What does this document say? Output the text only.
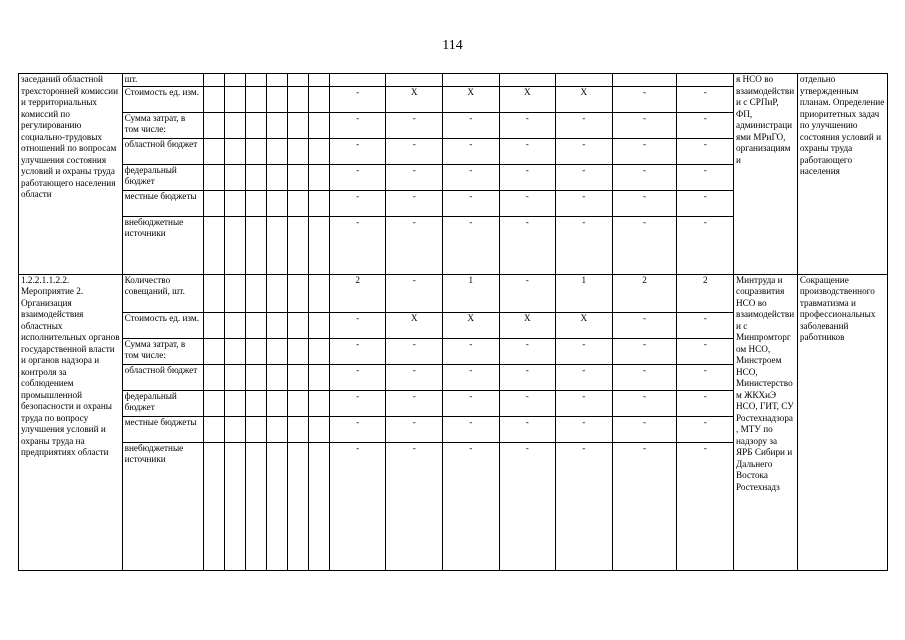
114
заседаний областной трехсторонней комиссии и территориальных комиссий по регулированию социально-трудовых отношений по вопросам улучшения состояния условий и охраны труда работающего населения области	шт.														я НСО во взаимодействии с СРПиР, ФП, администрациями МРиГО, организациями	отдельно утвержденным планам. Определение приоритетных задач по улучшению состояния условий и охраны труда работающего населения
	Стоимость ед. изм.							-	Х	Х	Х	Х	-	-		
	Сумма затрат, в том числе:							-	-	-	-	-	-	-		
	областной бюджет							-	-	-	-	-	-	-		
	федеральный бюджет							-	-	-	-	-	-	-		
	местные бюджеты							-	-	-	-	-	-	-		
	внебюджетные источники							-	-	-	-	-	-	-		
1.2.2.1.1.2.2. Мероприятие 2. Организация взаимодействия областных исполнительных органов государственной власти и органов надзора и контроля за соблюдением промышленной безопасности и охраны труда по вопросу улучшения условий и охраны труда на предприятиях области	Количество совещаний, шт.							2	-	1	-	1	2	2	Минтруда и соцразвития НСО во взаимодействии с Минпромторгом НСО, Минстроем НСО, Министерством ЖКХиЭ НСО, ГИТ, СУ Ростехнадзора, МТУ по надзору за ЯРБ Сибири и Дальнего Востока Ростехнадз	Сокращение производственного травматизма и профессиональных заболеваний работников
	Стоимость ед. изм.							-	Х	Х	Х	Х	-	-		
	Сумма затрат, в том числе:							-	-	-	-	-	-	-		
	областной бюджет							-	-	-	-	-	-	-		
	федеральный бюджет							-	-	-	-	-	-	-		
	местные бюджеты							-	-	-	-	-	-	-		
	внебюджетные источники							-	-	-	-	-	-	-		
